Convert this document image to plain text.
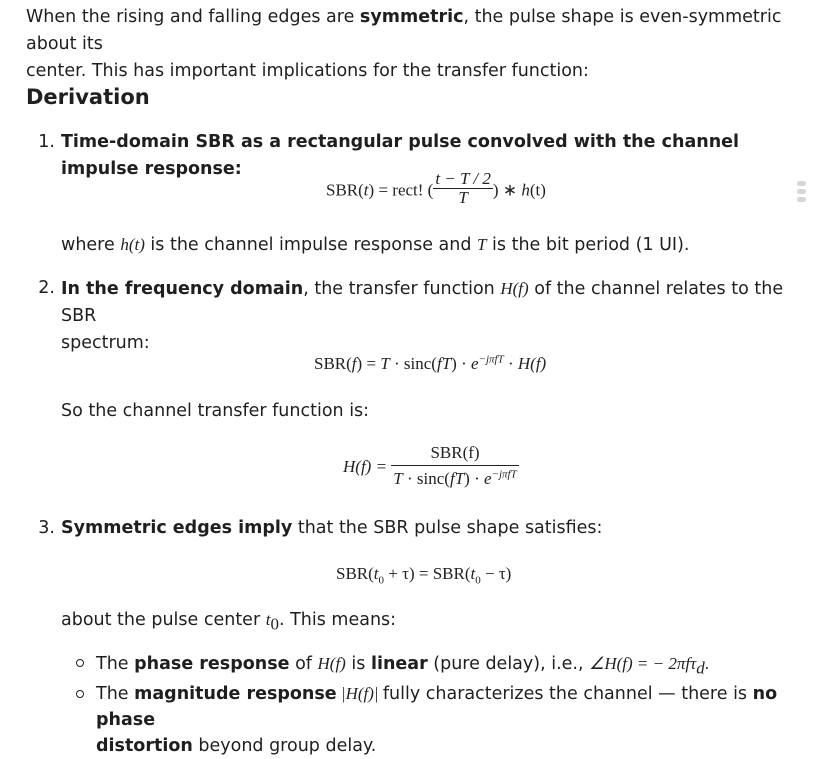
When the rising and falling edges are symmetric, the pulse shape is even-symmetric about its
center. This has important implications for the transfer function:
Derivation
1. Time-domain SBR as a rectangular pulse convolved with the channel impulse response:
SBR(t) = rect! ( $\frac{t - T / 2}{T}$ ) ∗ h(t)
where h(t) is the channel impulse response and T is the bit period (1 UI).
2. In the frequency domain, the transfer function H(f) of the channel relates to the SBR
spectrum:
$SBR(f) = T \cdot \sin c(fT) \cdot e^{-j\pi fT} \cdot H(f)$
So the channel transfer function is:
$H(f) = \frac{\text{SBR(f)}}{T \cdot \sin c(fT) \cdot e^{-j\pi fT}}$
3. Symmetric edges imply that the SBR pulse shape satisfies:
$SBR(t_0 + \tau) = SBR(t_0 - \tau)$
about the pulse center $t_0$. This means:
The phase response of H(f) is linear (pure delay), i.e., ∠H(f) = − 2πfτ$_d$.
The magnitude response |H(f)| fully characterizes the channel — there is no phase
distortion beyond group delay.
